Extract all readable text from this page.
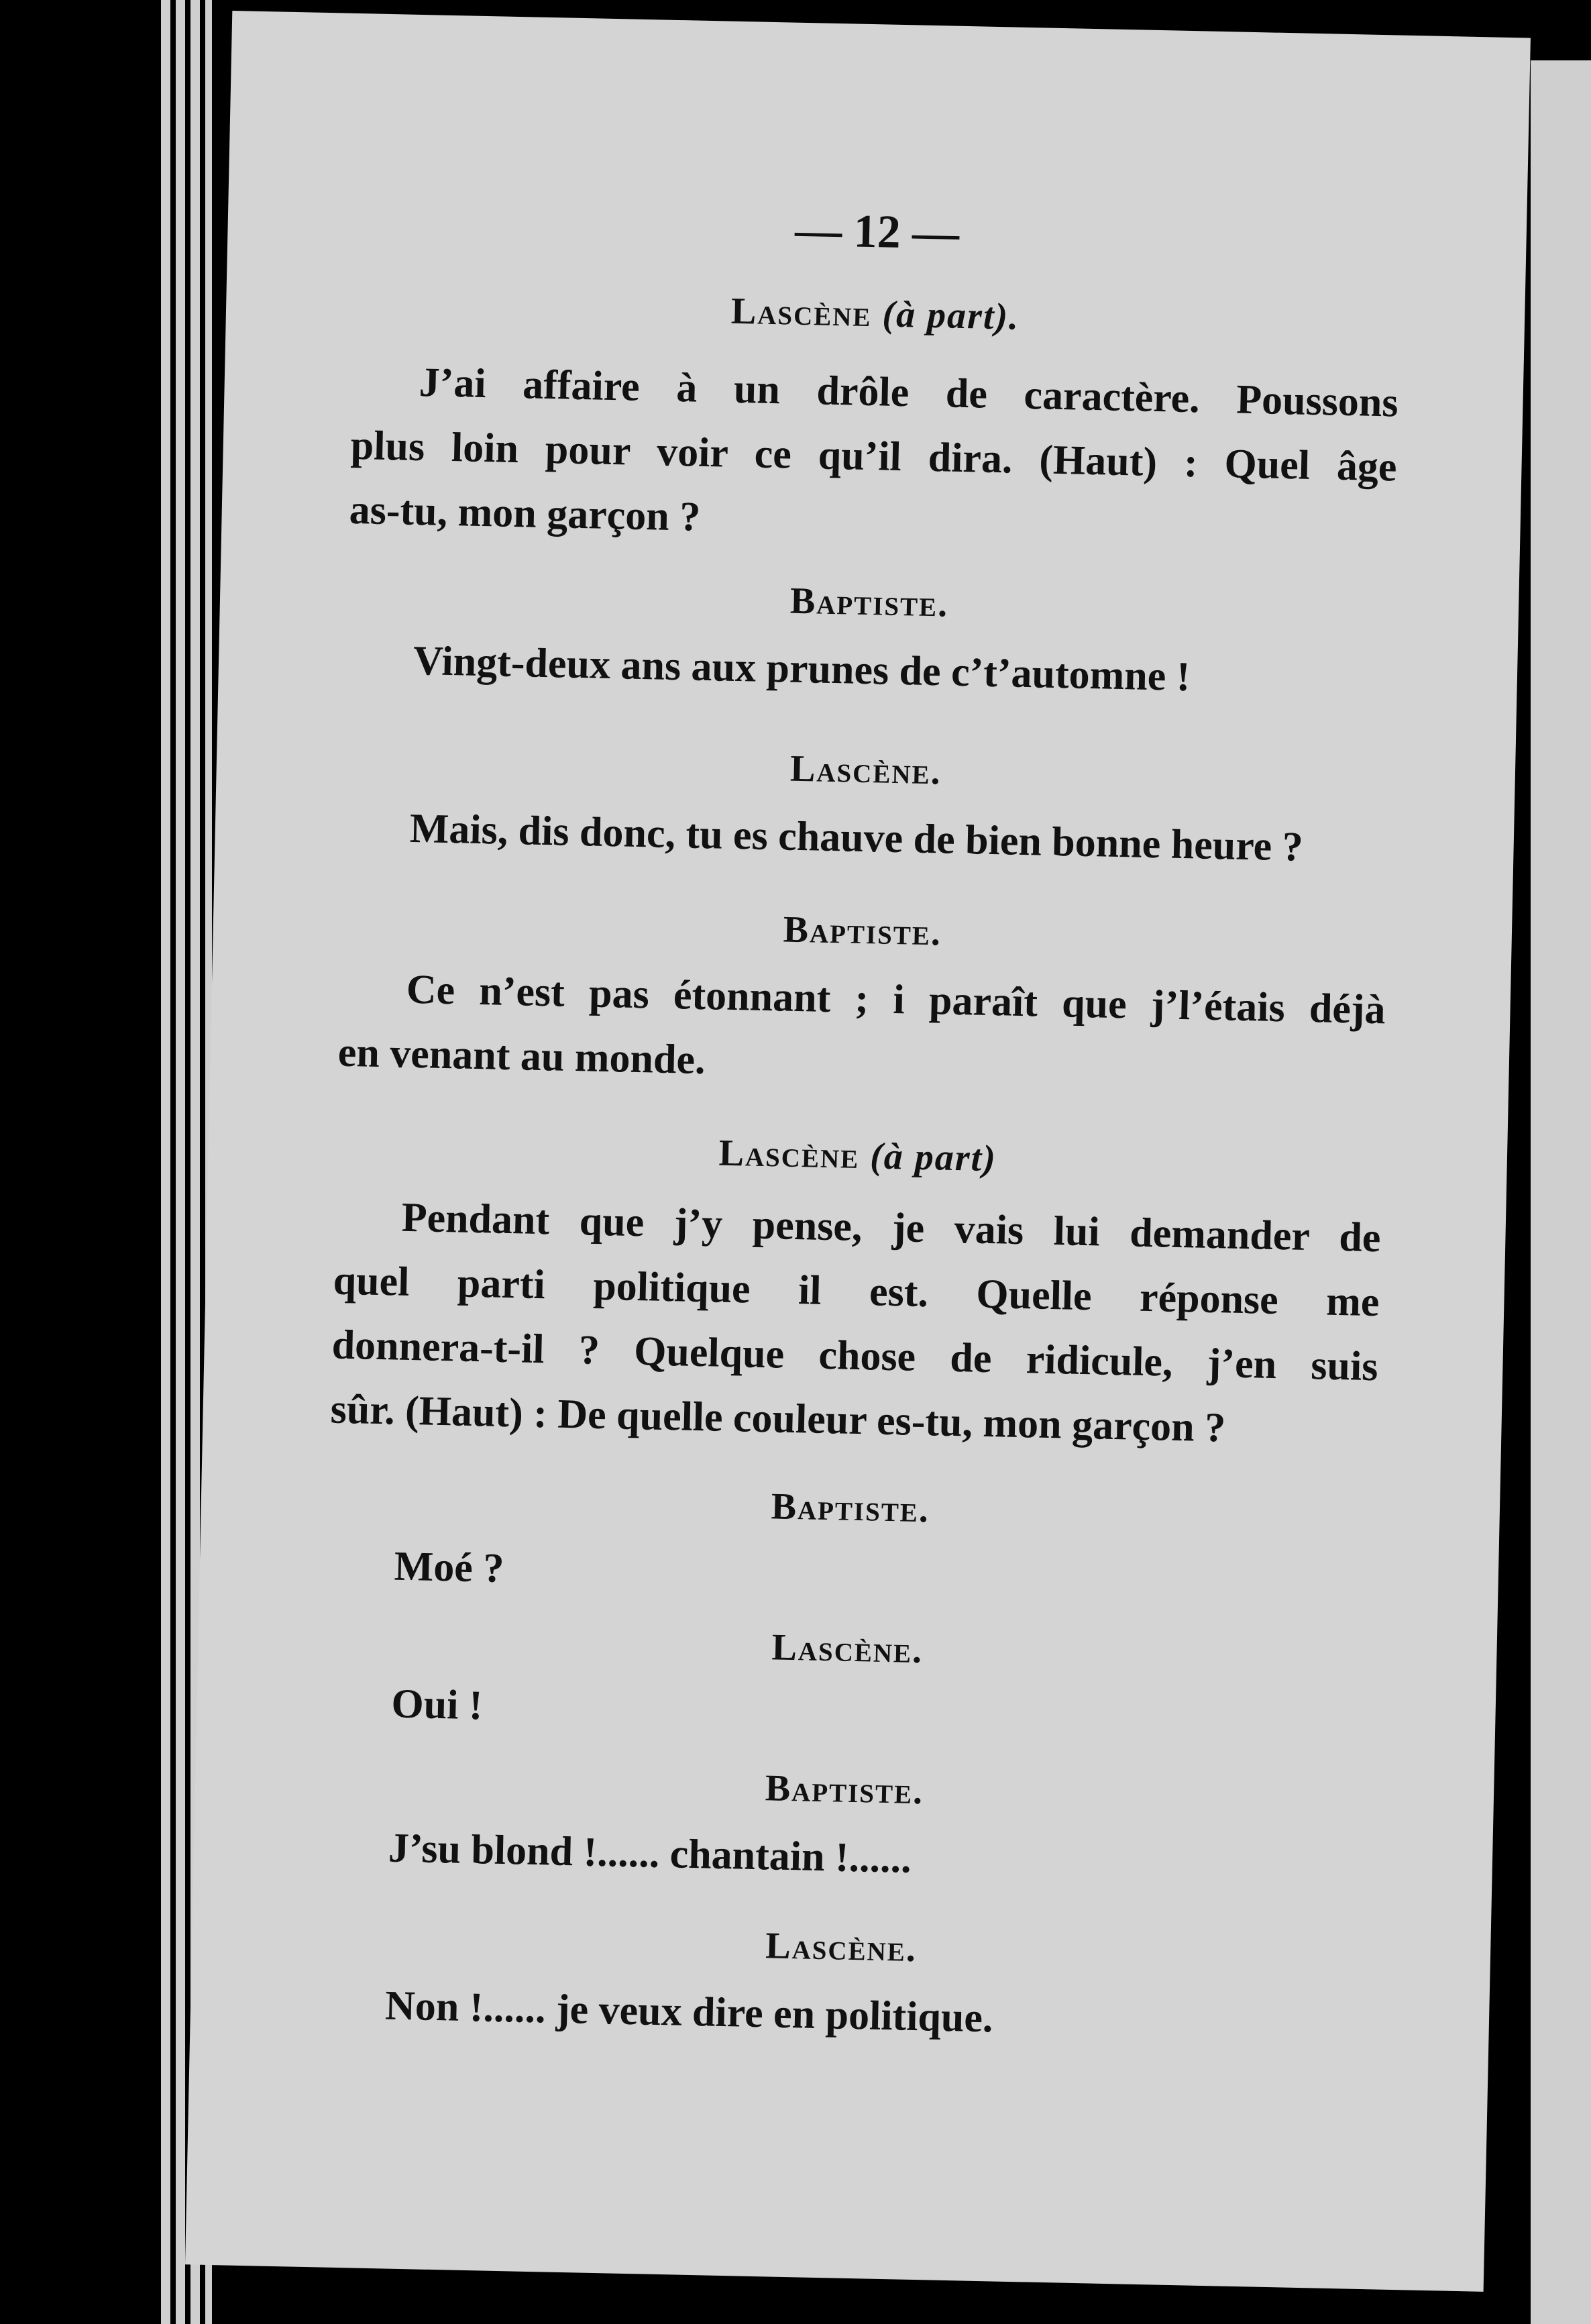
— 12 —
Lascène (à part).
J’ai affaire à un drôle de caractère. Poussons
plus loin pour voir ce qu’il dira. (Haut) : Quel âge
as-tu, mon garçon ?
Baptiste.
Vingt-deux ans aux prunes de c’t’automne !
Lascène.
Mais, dis donc, tu es chauve de bien bonne heure ?
Baptiste.
Ce n’est pas étonnant ; i paraît que j’l’étais déjà
en venant au monde.
Lascène (à part)
Pendant que j’y pense, je vais lui demander de
quel parti politique il est. Quelle réponse me
donnera-t-il ? Quelque chose de ridicule, j’en suis
sûr. (Haut) : De quelle couleur es-tu, mon garçon ?
Baptiste.
Moé ?
Lascène.
Oui !
Baptiste.
J’su blond !...... chantain !......
Lascène.
Non !...... je veux dire en politique.
